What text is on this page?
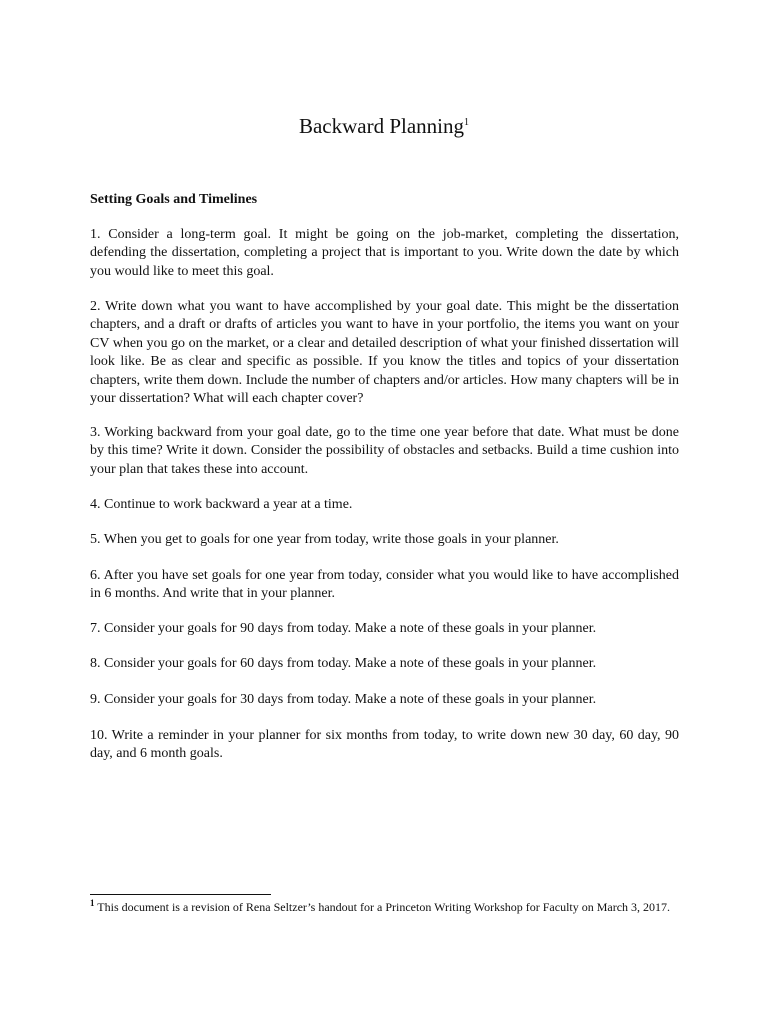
Backward Planning$^1$
Setting Goals and Timelines

1. Consider a long-term goal. It might be going on the job-market, completing the dissertation, defending the dissertation, completing a project that is important to you. Write down the date by which you would like to meet this goal.

2. Write down what you want to have accomplished by your goal date. This might be the dissertation chapters, and a draft or drafts of articles you want to have in your portfolio, the items you want on your CV when you go on the market, or a clear and detailed description of what your finished dissertation will look like. Be as clear and specific as possible. If you know the titles and topics of your dissertation chapters, write them down. Include the number of chapters and/or articles. How many chapters will be in your dissertation? What will each chapter cover?

3. Working backward from your goal date, go to the time one year before that date. What must be done by this time? Write it down. Consider the possibility of obstacles and setbacks. Build a time cushion into your plan that takes these into account.

4. Continue to work backward a year at a time.

5. When you get to goals for one year from today, write those goals in your planner.

6. After you have set goals for one year from today, consider what you would like to have accomplished in 6 months. And write that in your planner.

7. Consider your goals for 90 days from today. Make a note of these goals in your planner.

8. Consider your goals for 60 days from today. Make a note of these goals in your planner.

9. Consider your goals for 30 days from today. Make a note of these goals in your planner.

10. Write a reminder in your planner for six months from today, to write down new 30 day, 60 day, 90 day, and 6 month goals.

$^1$ This document is a revision of Rena Seltzer’s handout for a Princeton Writing Workshop for Faculty on March 3, 2017.
